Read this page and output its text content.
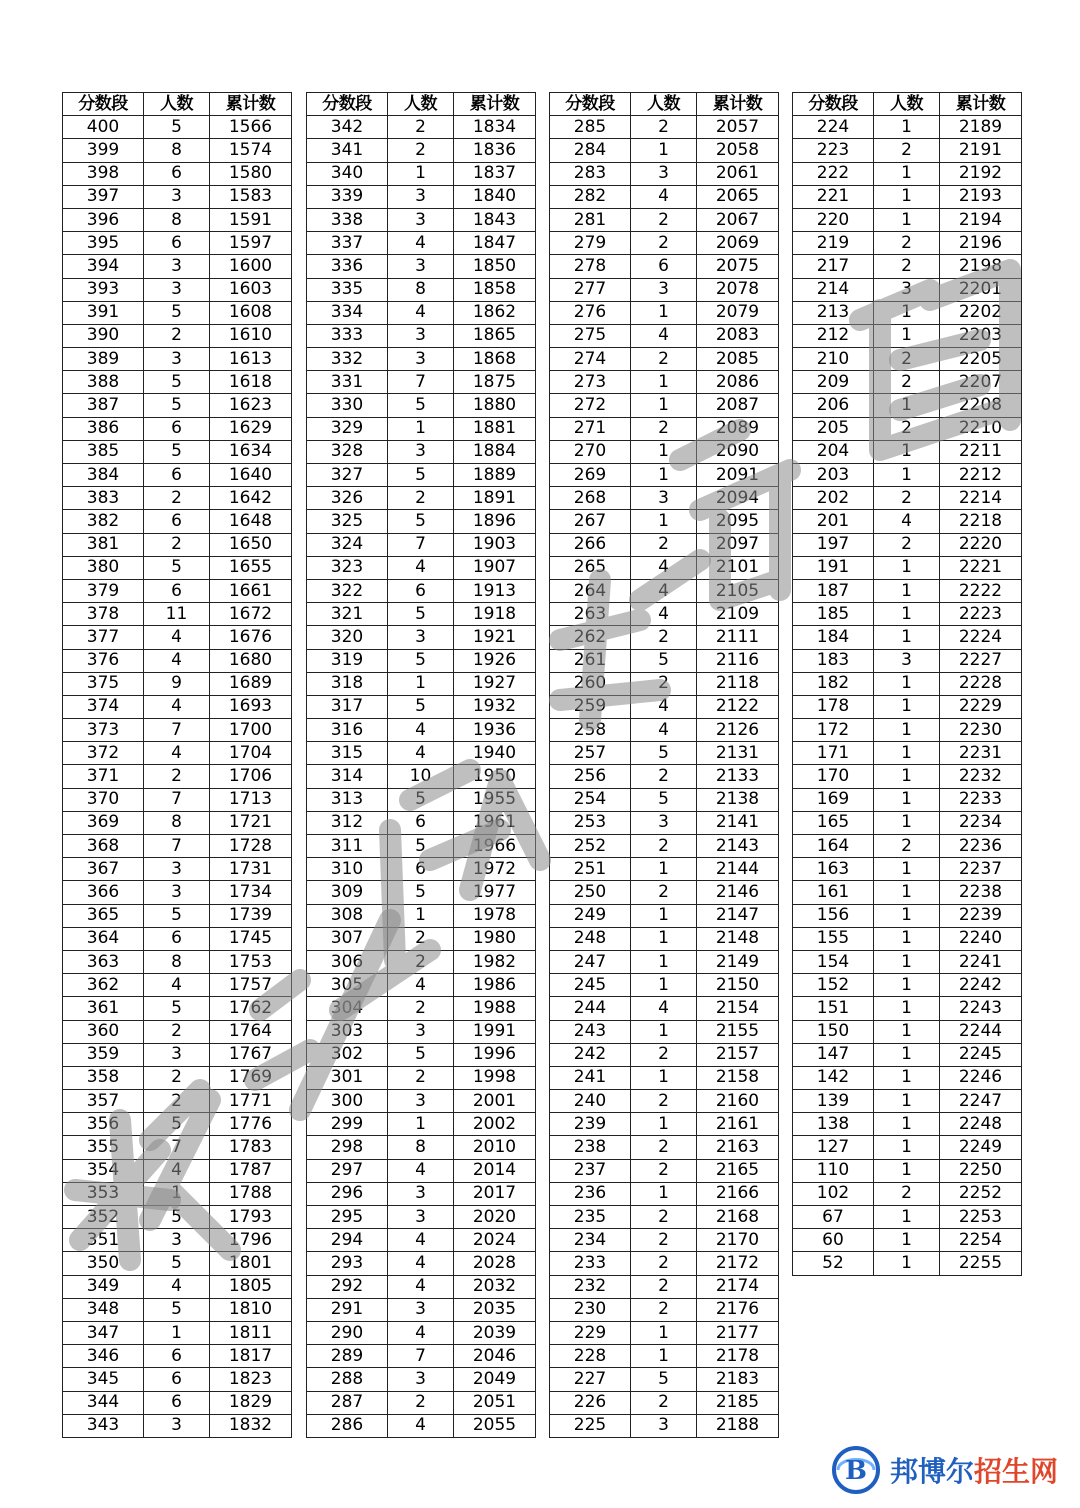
分数段	人数	累计数
400	5	1566
399	8	1574
398	6	1580
397	3	1583
396	8	1591
395	6	1597
394	3	1600
393	3	1603
391	5	1608
390	2	1610
389	3	1613
388	5	1618
387	5	1623
386	6	1629
385	5	1634
384	6	1640
383	2	1642
382	6	1648
381	2	1650
380	5	1655
379	6	1661
378	11	1672
377	4	1676
376	4	1680
375	9	1689
374	4	1693
373	7	1700
372	4	1704
371	2	1706
370	7	1713
369	8	1721
368	7	1728
367	3	1731
366	3	1734
365	5	1739
364	6	1745
363	8	1753
362	4	1757
361	5	1762
360	2	1764
359	3	1767
358	2	1769
357	2	1771
356	5	1776
355	7	1783
354	4	1787
353	1	1788
352	5	1793
351	3	1796
350	5	1801
349	4	1805
348	5	1810
347	1	1811
346	6	1817
345	6	1823
344	6	1829
343	3	1832
分数段	人数	累计数
342	2	1834
341	2	1836
340	1	1837
339	3	1840
338	3	1843
337	4	1847
336	3	1850
335	8	1858
334	4	1862
333	3	1865
332	3	1868
331	7	1875
330	5	1880
329	1	1881
328	3	1884
327	5	1889
326	2	1891
325	5	1896
324	7	1903
323	4	1907
322	6	1913
321	5	1918
320	3	1921
319	5	1926
318	1	1927
317	5	1932
316	4	1936
315	4	1940
314	10	1950
313	5	1955
312	6	1961
311	5	1966
310	6	1972
309	5	1977
308	1	1978
307	2	1980
306	2	1982
305	4	1986
304	2	1988
303	3	1991
302	5	1996
301	2	1998
300	3	2001
299	1	2002
298	8	2010
297	4	2014
296	3	2017
295	3	2020
294	4	2024
293	4	2028
292	4	2032
291	3	2035
290	4	2039
289	7	2046
288	3	2049
287	2	2051
286	4	2055
分数段	人数	累计数
285	2	2057
284	1	2058
283	3	2061
282	4	2065
281	2	2067
279	2	2069
278	6	2075
277	3	2078
276	1	2079
275	4	2083
274	2	2085
273	1	2086
272	1	2087
271	2	2089
270	1	2090
269	1	2091
268	3	2094
267	1	2095
266	2	2097
265	4	2101
264	4	2105
263	4	2109
262	2	2111
261	5	2116
260	2	2118
259	4	2122
258	4	2126
257	5	2131
256	2	2133
254	5	2138
253	3	2141
252	2	2143
251	1	2144
250	2	2146
249	1	2147
248	1	2148
247	1	2149
245	1	2150
244	4	2154
243	1	2155
242	2	2157
241	1	2158
240	2	2160
239	1	2161
238	2	2163
237	2	2165
236	1	2166
235	2	2168
234	2	2170
233	2	2172
232	2	2174
230	2	2176
229	1	2177
228	1	2178
227	5	2183
226	2	2185
225	3	2188
分数段	人数	累计数
224	1	2189
223	2	2191
222	1	2192
221	1	2193
220	1	2194
219	2	2196
217	2	2198
214	3	2201
213	1	2202
212	1	2203
210	2	2205
209	2	2207
206	1	2208
205	2	2210
204	1	2211
203	1	2212
202	2	2214
201	4	2218
197	2	2220
191	1	2221
187	1	2222
185	1	2223
184	1	2224
183	3	2227
182	1	2228
178	1	2229
172	1	2230
171	1	2231
170	1	2232
169	1	2233
165	1	2234
164	2	2236
163	1	2237
161	1	2238
156	1	2239
155	1	2240
154	1	2241
152	1	2242
151	1	2243
150	1	2244
147	1	2245
142	1	2246
139	1	2247
138	1	2248
127	1	2249
110	1	2250
102	2	2252
67	1	2253
60	1	2254
52	1	2255
枝江市教育局
B 邦博尔招生网
